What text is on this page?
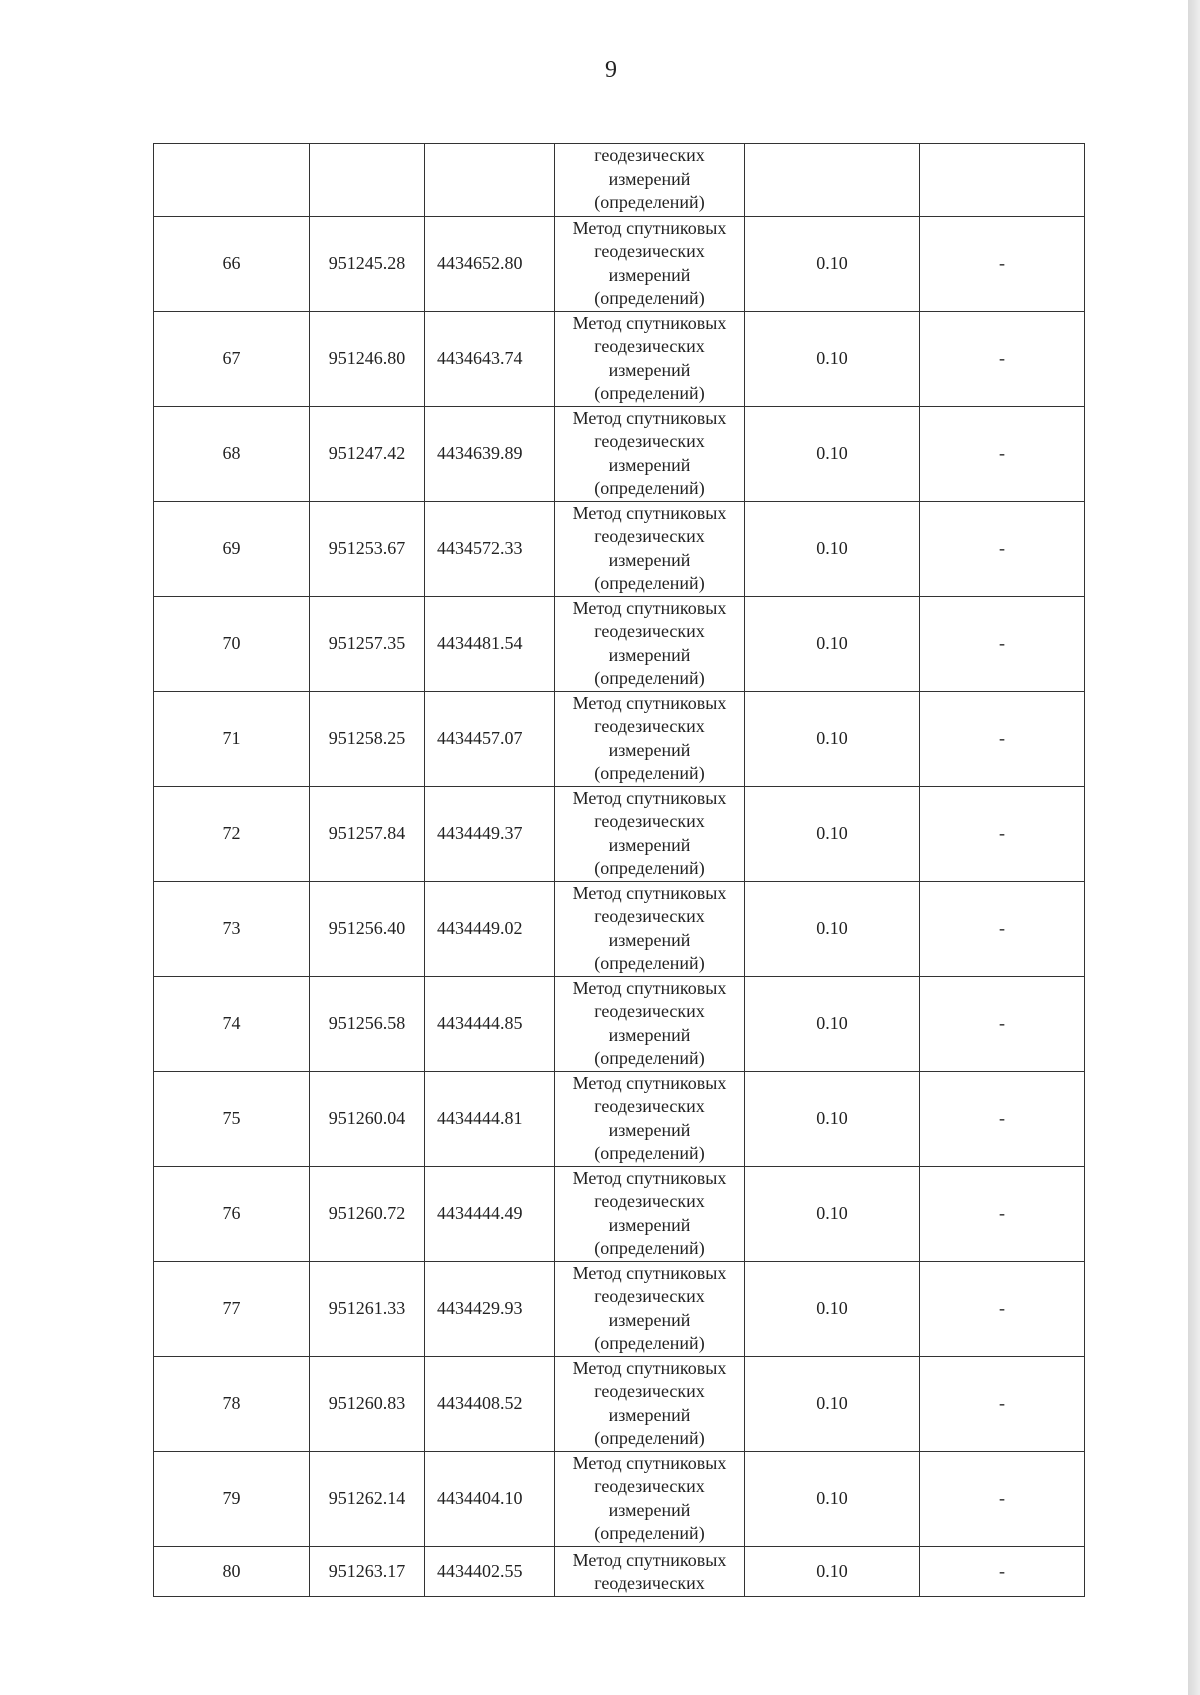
9

			геодезических
измерений
(определений)		

66	951245.28	4434652.80	Метод спутниковых
геодезических
измерений
(определений)	0.10	-
67	951246.80	4434643.74	Метод спутниковых
геодезических
измерений
(определений)	0.10	-
68	951247.42	4434639.89	Метод спутниковых
геодезических
измерений
(определений)	0.10	-
69	951253.67	4434572.33	Метод спутниковых
геодезических
измерений
(определений)	0.10	-
70	951257.35	4434481.54	Метод спутниковых
геодезических
измерений
(определений)	0.10	-
71	951258.25	4434457.07	Метод спутниковых
геодезических
измерений
(определений)	0.10	-
72	951257.84	4434449.37	Метод спутниковых
геодезических
измерений
(определений)	0.10	-
73	951256.40	4434449.02	Метод спутниковых
геодезических
измерений
(определений)	0.10	-
74	951256.58	4434444.85	Метод спутниковых
геодезических
измерений
(определений)	0.10	-
75	951260.04	4434444.81	Метод спутниковых
геодезических
измерений
(определений)	0.10	-
76	951260.72	4434444.49	Метод спутниковых
геодезических
измерений
(определений)	0.10	-
77	951261.33	4434429.93	Метод спутниковых
геодезических
измерений
(определений)	0.10	-
78	951260.83	4434408.52	Метод спутниковых
геодезических
измерений
(определений)	0.10	-
79	951262.14	4434404.10	Метод спутниковых
геодезических
измерений
(определений)	0.10	-
80	951263.17	4434402.55	Метод спутниковых
геодезических	0.10	-
